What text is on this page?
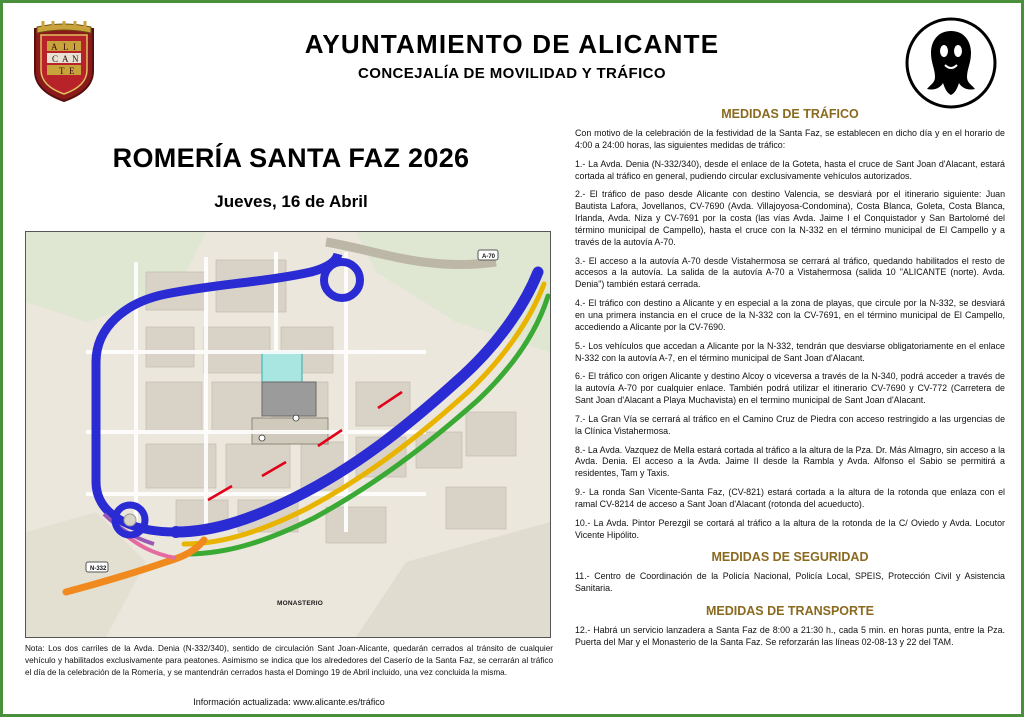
A L I
C A N
T E
AYUNTAMIENTO DE ALICANTE
CONCEJALÍA DE MOVILIDAD Y TRÁFICO
ROMERÍA SANTA FAZ 2026
Jueves, 16 de Abril
N-332
A-70
MONASTERIO
Nota: Los dos carriles de la Avda. Denia (N-332/340), sentido de circulación Sant Joan-Alicante, quedarán cerrados al tránsito de cualquier vehículo y habilitados exclusivamente para peatones. Asimismo se indica que los alrededores del Caserío de la Santa Faz, se cerrarán al tráfico el día de la celebración de la Romería, y se mantendrán cerrados hasta el Domingo 19 de Abril incluido, una vez concluida la misma.
Información actualizada: www.alicante.es/tráfico
MEDIDAS DE TRÁFICO

Con motivo de la celebración de la festividad de la Santa Faz, se establecen en dicho día y en el horario de 4:00 a 24:00 horas, las siguientes medidas de tráfico:

1.- La Avda. Denia (N-332/340), desde el enlace de la Goteta, hasta el cruce de Sant Joan d'Alacant, estará cortada al tráfico en general, pudiendo circular exclusivamente vehículos autorizados.

2.- El tráfico de paso desde Alicante con destino Valencia, se desviará por el itinerario siguiente: Juan Bautista Lafora, Jovellanos, CV-7690 (Avda. Villajoyosa-Condomina), Costa Blanca, Goleta, Costa Blanca, Irlanda, Avda. Niza y CV-7691 por la costa (las vías Avda. Jaime I el Conquistador y San Bartolomé del término municipal de Campello), hasta el cruce con la N-332 en el término municipal de El Campello y a través de la autovía A-70.

3.- El acceso a la autovía A-70 desde Vistahermosa se cerrará al tráfico, quedando habilitados el resto de accesos a la autovía. La salida de la autovía A-70 a Vistahermosa (salida 10 "ALICANTE (norte). Avda. Denia") también estará cerrada.

4.- El tráfico con destino a Alicante y en especial a la zona de playas, que circule por la N-332, se desviará en una primera instancia en el cruce de la N-332 con la CV-7691, en el término municipal de El Campello, accediendo a Alicante por la CV-7690.

5.- Los vehículos que accedan a Alicante por la N-332, tendrán que desviarse obligatoriamente en el enlace N-332 con la autovía A-7, en el término municipal de Sant Joan d'Alacant.

6.- El tráfico con origen Alicante y destino Alcoy o viceversa a través de la N-340, podrá acceder a través de la autovía A-70 por cualquier enlace. También podrá utilizar el itinerario CV-7690 y CV-772 (Carretera de Sant Joan d'Alacant a Playa Muchavista) en el termino municipal de Sant Joan d'Alacant.

7.- La Gran Vía se cerrará al tráfico en el Camino Cruz de Piedra con acceso restringido a las urgencias de la Clínica Vistahermosa.

8.- La Avda. Vazquez de Mella estará cortada al tráfico a la altura de la Pza. Dr. Más Almagro, sin acceso a la Avda. Denia. El acceso a la Avda. Jaime II desde la Rambla y Avda. Alfonso el Sabio se permitirá a residentes, Tam y Taxis.

9.- La ronda San Vicente-Santa Faz, (CV-821) estará cortada a la altura de la rotonda que enlaza con el ramal CV-8214 de acceso a Sant Joan d'Alacant (rotonda del acueducto).

10.- La Avda. Pintor Perezgil se cortará al tráfico a la altura de la rotonda de la C/ Oviedo y Avda. Locutor Vicente Hipólito.

MEDIDAS DE SEGURIDAD

11.- Centro de Coordinación de la Policía Nacional, Policía Local, SPEIS, Protección Civil y Asistencia Sanitaria.

MEDIDAS DE TRANSPORTE

12.- Habrá un servicio lanzadera a Santa Faz de 8:00 a 21:30 h., cada 5 min. en horas punta, entre la Pza. Puerta del Mar y el Monasterio de la Santa Faz. Se reforzarán las líneas 02-08-13 y 22 del TAM.
